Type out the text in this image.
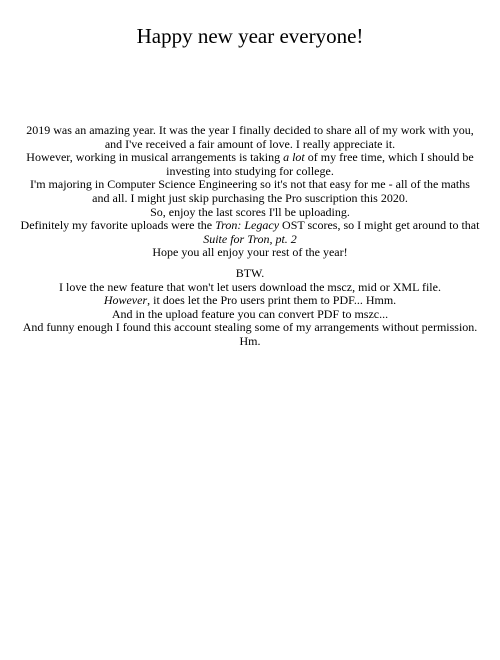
Happy new year everyone!

2019 was an amazing year. It was the year I finally decided to share all of my work with you,
and I've received a fair amount of love. I really appreciate it.

However, working in musical arrangements is taking a lot of my free time, which I should be investing into studying for college.

I'm majoring in Computer Science Engineering so it's not that easy for me - all of the maths and all. I might just skip purchasing the Pro suscription this 2020.

So, enjoy the last scores I'll be uploading.

Definitely my favorite uploads were the Tron: Legacy OST scores, so I might get around to that
Suite for Tron, pt. 2

Hope you all enjoy your rest of the year!

BTW.

I love the new feature that won't let users download the mscz, mid or XML file.

However, it does let the Pro users print them to PDF... Hmm.

And in the upload feature you can convert PDF to mszc...

And funny enough I found this account stealing some of my arrangements without permission.

Hm.
